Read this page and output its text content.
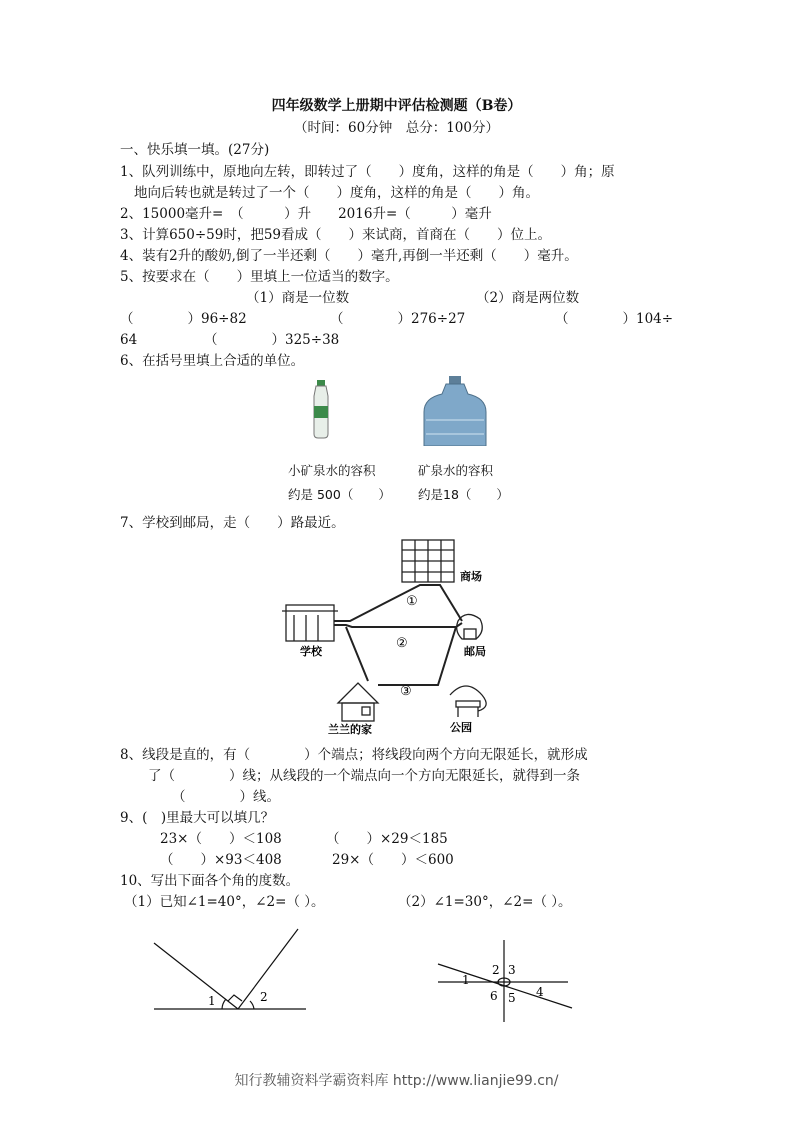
四年级数学上册期中评估检测题（B卷）
（时间：60分钟　总分：100分）
一、快乐填一填。(27分)
1、队列训练中，原地向左转，即转过了（　　）度角，这样的角是（　　）角；原
地向后转也就是转过了一个（　　）度角，这样的角是（　　）角。
2、15000毫升=　（　　　）升　　2016升=（　　　）毫升
3、计算650÷59时，把59看成（　　）来试商，首商在（　　）位上。
4、装有2升的酸奶,倒了一半还剩（　　）毫升,再倒一半还剩（　　）毫升。
5、按要求在（　　）里填上一位适当的数字。
（1）商是一位数	（2）商是两位数
（　　　　）96÷82	（　　　　）276÷27	（　　　　）104÷
64	（　　　　）325÷38
6、在括号里填上合适的单位。
小矿泉水的容积
约是 500（　　）
矿泉水的容积
约是18（　　）
7、学校到邮局，走（　　）路最近。
①
②
③
商场
学校	邮局
兰兰的家	公园
8、线段是直的，有（　　　　）个端点；将线段向两个方向无限延长，就形成
了（　　　　）线；从线段的一个端点向一个方向无限延长，就得到一条
（　　　　）线。
9、(　)里最大可以填几？
23×（　　）＜108	（　　）×29＜185
（　　）×93＜408	29×（　　）＜600
10、写出下面各个角的度数。
（1）已知∠1=40°，∠2=（ ）。	（2）∠1=30°，∠2=（ ）。
1	2
2 3
1
4
6 5
知行教辅资料学霸资料库 http://www.lianjie99.cn/
